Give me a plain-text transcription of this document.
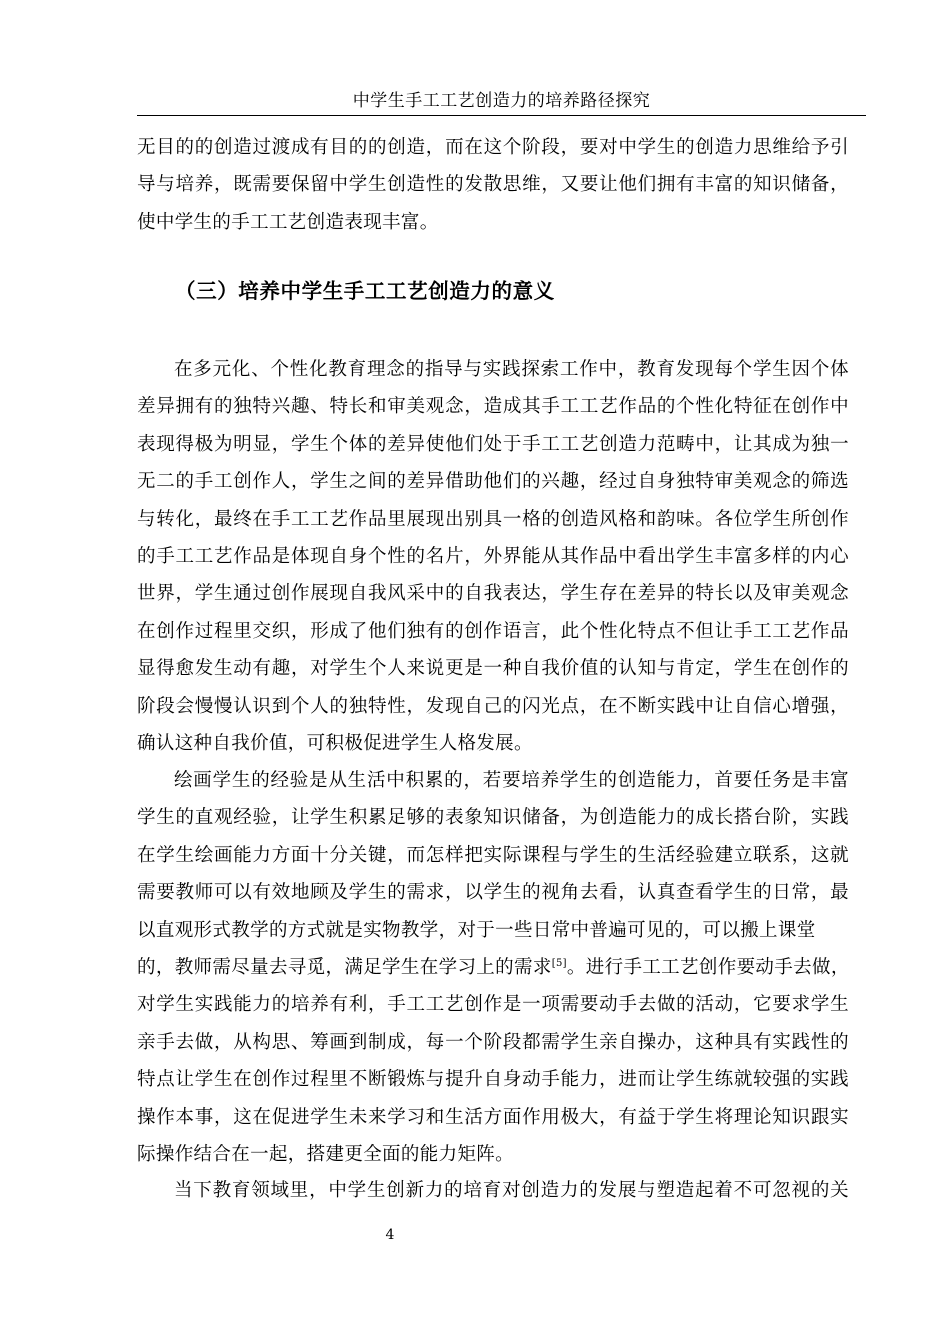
中学生手工工艺创造力的培养路径探究

无目的的创造过渡成有目的的创造，而在这个阶段，要对中学生的创造力思维给予引
导与培养，既需要保留中学生创造性的发散思维，又要让他们拥有丰富的知识储备，
使中学生的手工工艺创造表现丰富。

（三）培养中学生手工工艺创造力的意义

在多元化、个性化教育理念的指导与实践探索工作中，教育发现每个学生因个体
差异拥有的独特兴趣、特长和审美观念，造成其手工工艺作品的个性化特征在创作中
表现得极为明显，学生个体的差异使他们处于手工工艺创造力范畴中，让其成为独一
无二的手工创作人，学生之间的差异借助他们的兴趣，经过自身独特审美观念的筛选
与转化，最终在手工工艺作品里展现出别具一格的创造风格和韵味。各位学生所创作
的手工工艺作品是体现自身个性的名片，外界能从其作品中看出学生丰富多样的内心
世界，学生通过创作展现自我风采中的自我表达，学生存在差异的特长以及审美观念
在创作过程里交织，形成了他们独有的创作语言，此个性化特点不但让手工工艺作品
显得愈发生动有趣，对学生个人来说更是一种自我价值的认知与肯定，学生在创作的
阶段会慢慢认识到个人的独特性，发现自己的闪光点，在不断实践中让自信心增强，
确认这种自我价值，可积极促进学生人格发展。

绘画学生的经验是从生活中积累的，若要培养学生的创造能力，首要任务是丰富
学生的直观经验，让学生积累足够的表象知识储备，为创造能力的成长搭台阶，实践
在学生绘画能力方面十分关键，而怎样把实际课程与学生的生活经验建立联系，这就
需要教师可以有效地顾及学生的需求，以学生的视角去看，认真查看学生的日常，最
以直观形式教学的方式就是实物教学，对于一些日常中普遍可见的，可以搬上课堂
的，教师需尽量去寻觅，满足学生在学习上的需求[5]。进行手工工艺创作要动手去做，
对学生实践能力的培养有利，手工工艺创作是一项需要动手去做的活动，它要求学生
亲手去做，从构思、筹画到制成，每一个阶段都需学生亲自操办，这种具有实践性的
特点让学生在创作过程里不断锻炼与提升自身动手能力，进而让学生练就较强的实践
操作本事，这在促进学生未来学习和生活方面作用极大，有益于学生将理论知识跟实
际操作结合在一起，搭建更全面的能力矩阵。

当下教育领域里，中学生创新力的培育对创造力的发展与塑造起着不可忽视的关

4
